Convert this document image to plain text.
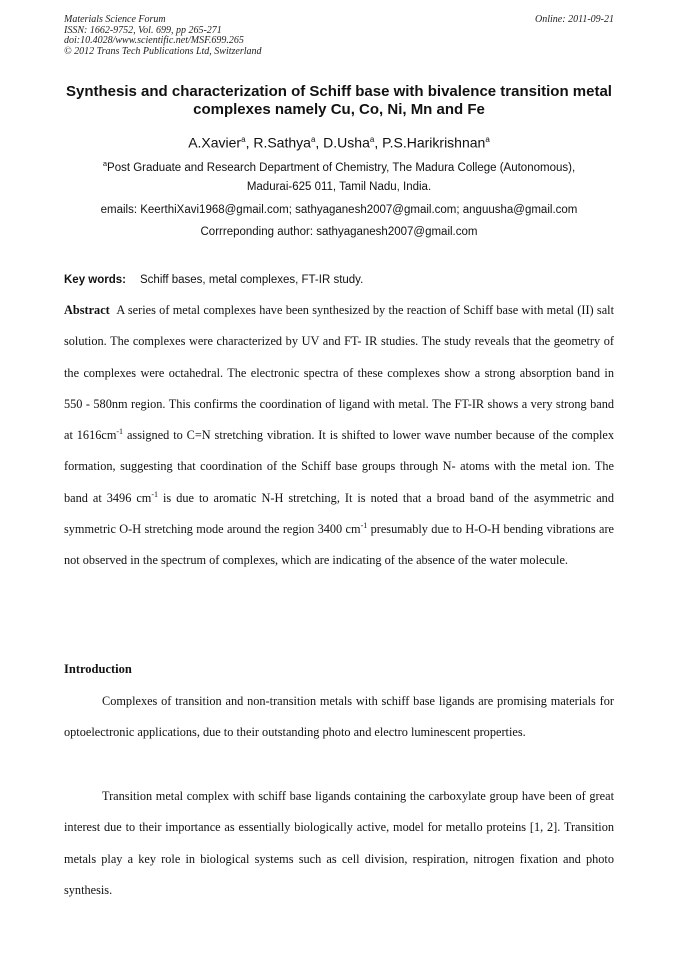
Materials Science Forum
ISSN: 1662-9752, Vol. 699, pp 265-271
doi:10.4028/www.scientific.net/MSF.699.265
© 2012 Trans Tech Publications Ltd, Switzerland
Online: 2011-09-21
Synthesis and characterization of Schiff base with bivalence transition metal complexes namely Cu, Co, Ni, Mn and Fe
A.Xavier$^a$, R.Sathya$^a$, D.Usha$^a$, P.S.Harikrishnan$^a$
$^a$Post Graduate and Research Department of Chemistry, The Madura College (Autonomous),
Madurai-625 011, Tamil Nadu, India.
emails: KeerthiXavi1968@gmail.com; sathyaganesh2007@gmail.com; anguusha@gmail.com
Corrreponding author: sathyaganesh2007@gmail.com
Key words: Schiff bases, metal complexes, FT-IR study.
Abstract A series of metal complexes have been synthesized by the reaction of Schiff base with metal (II) salt solution. The complexes were characterized by UV and FT- IR studies. The study reveals that the geometry of the complexes were octahedral. The electronic spectra of these complexes show a strong absorption band in 550 - 580nm region. This confirms the coordination of ligand with metal. The FT-IR shows a very strong band at $1616cm^{-1}$ assigned to C=N stretching vibration. It is shifted to lower wave number because of the complex formation, suggesting that coordination of the Schiff base groups through N- atoms with the metal ion. The band at 3496 $cm^{-1}$ is due to aromatic N-H stretching, It is noted that a broad band of the asymmetric and symmetric O-H stretching mode around the region 3400 $cm^{-1}$ presumably due to H-O-H bending vibrations are not observed in the spectrum of complexes, which are indicating of the absence of the water molecule.
Introduction
Complexes of transition and non-transition metals with schiff base ligands are promising materials for optoelectronic applications, due to their outstanding photo and electro luminescent properties.
Transition metal complex with schiff base ligands containing the carboxylate group have been of great interest due to their importance as essentially biologically active, model for metallo proteins [1, 2]. Transition metals play a key role in biological systems such as cell division, respiration, nitrogen fixation and photo synthesis.
